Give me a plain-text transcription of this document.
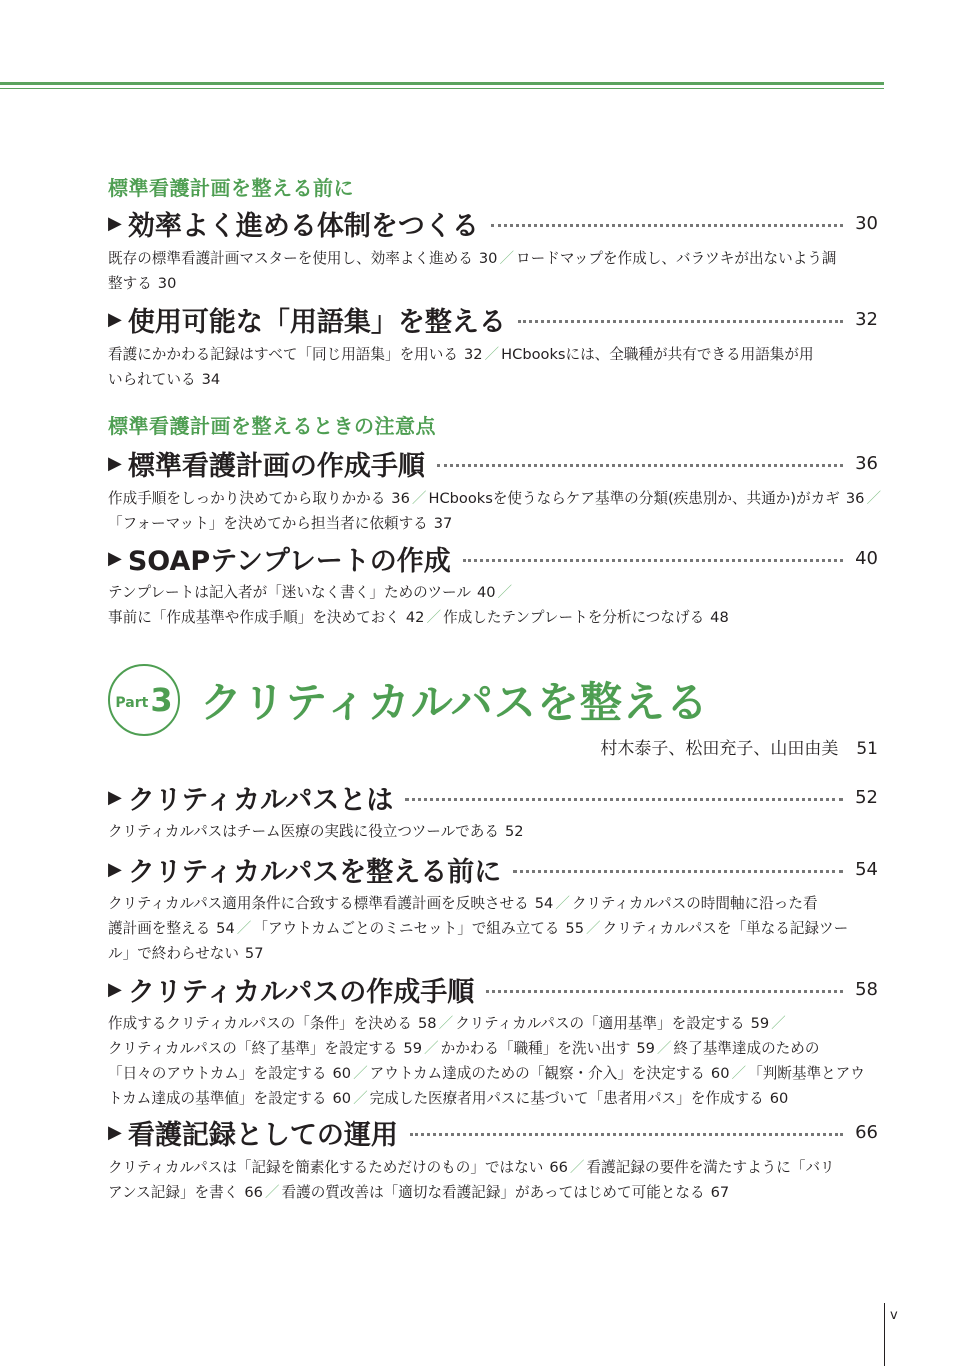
標準看護計画を整える前に
▶ 効率よく進める体制をつくる	30
既存の標準看護計画マスターを使用し、効率よく進める 30 ／ ロードマップを作成し、バラツキが出ないよう調
整する 30
▶ 使用可能な「用語集」を整える	32
看護にかかわる記録はすべて「同じ用語集」を用いる 32 ／ HCbooksには、全職種が共有できる用語集が用
いられている 34
標準看護計画を整えるときの注意点
▶ 標準看護計画の作成手順	36
作成手順をしっかり決めてから取りかかる 36 ／ HCbooksを使うならケア基準の分類(疾患別か、共通か)がカギ 36 ／
「フォーマット」を決めてから担当者に依頼する 37
▶ SOAPテンプレートの作成	40
テンプレートは記入者が「迷いなく書く」ためのツール 40 ／
事前に「作成基準や作成手順」を決めておく 42 ／ 作成したテンプレートを分析につなげる 48
Part 3 クリティカルパスを整える
村木泰子、松田充子、山田由美 51
▶ クリティカルパスとは	52
クリティカルパスはチーム医療の実践に役立つツールである 52
▶ クリティカルパスを整える前に	54
クリティカルパス適用条件に合致する標準看護計画を反映させる 54 ／ クリティカルパスの時間軸に沿った看
護計画を整える 54 ／ 「アウトカムごとのミニセット」で組み立てる 55 ／ クリティカルパスを「単なる記録ツー
ル」で終わらせない 57
▶ クリティカルパスの作成手順	58
作成するクリティカルパスの「条件」を決める 58 ／ クリティカルパスの「適用基準」を設定する 59 ／
クリティカルパスの「終了基準」を設定する 59 ／ かかわる「職種」を洗い出す 59 ／ 終了基準達成のための
「日々のアウトカム」を設定する 60 ／ アウトカム達成のための「観察・介入」を決定する 60 ／ 「判断基準とアウ
トカム達成の基準値」を設定する 60 ／ 完成した医療者用パスに基づいて「患者用パス」を作成する 60
▶ 看護記録としての運用	66
クリティカルパスは「記録を簡素化するためだけのもの」ではない 66 ／ 看護記録の要件を満たすように「バリ
アンス記録」を書く 66 ／ 看護の質改善は「適切な看護記録」があってはじめて可能となる 67
v
